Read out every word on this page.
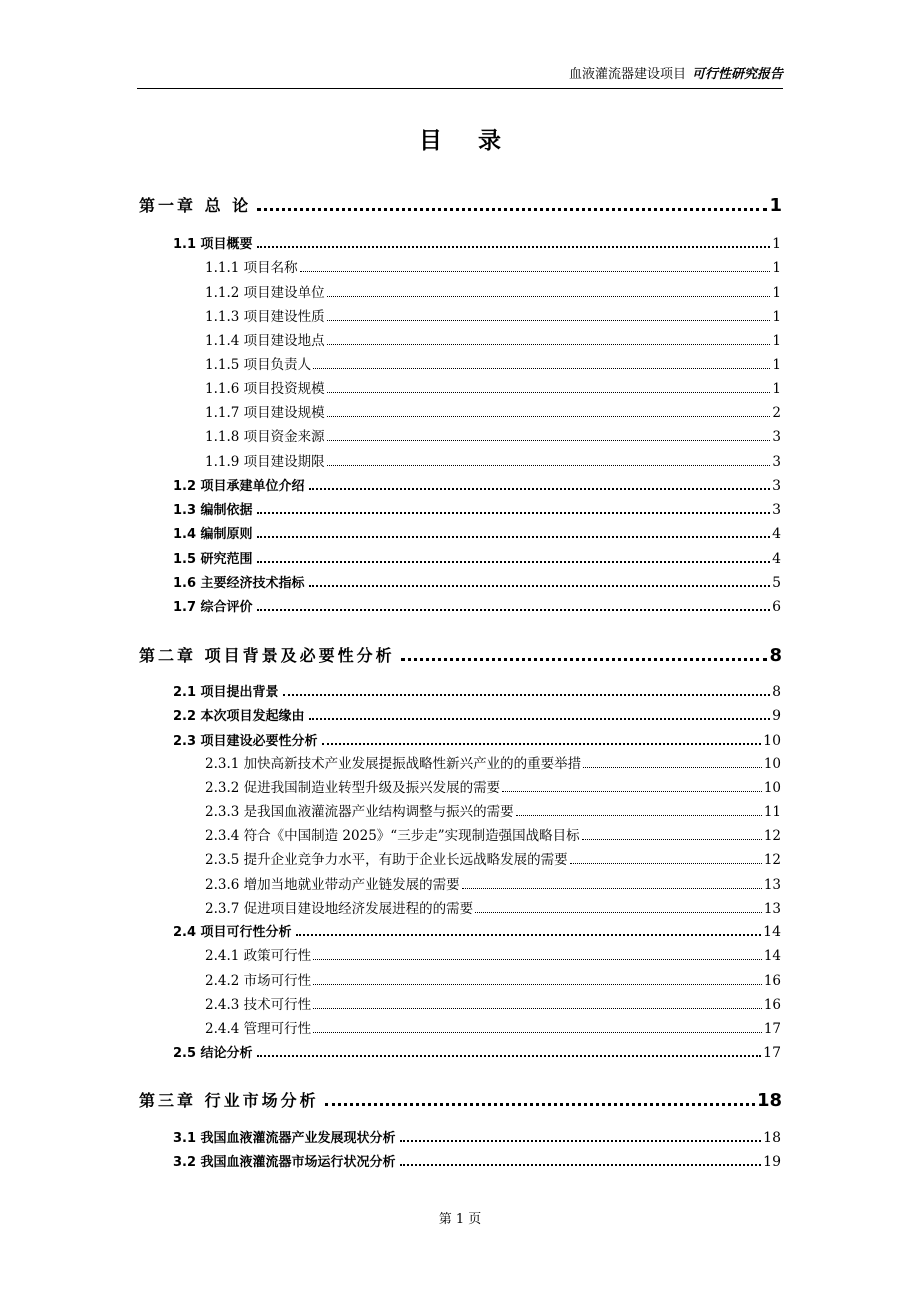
血液灌流器建设项目 可行性研究报告
目 录
第一章 总 论	1
1.1 项目概要	1
1.1.1 项目名称	1
1.1.2 项目建设单位	1
1.1.3 项目建设性质	1
1.1.4 项目建设地点	1
1.1.5 项目负责人	1
1.1.6 项目投资规模	1
1.1.7 项目建设规模	2
1.1.8 项目资金来源	3
1.1.9 项目建设期限	3
1.2 项目承建单位介绍	3
1.3 编制依据	3
1.4 编制原则	4
1.5 研究范围	4
1.6 主要经济技术指标	5
1.7 综合评价	6
第二章 项目背景及必要性分析	8
2.1 项目提出背景	8
2.2 本次项目发起缘由	9
2.3 项目建设必要性分析	10
2.3.1 加快高新技术产业发展提振战略性新兴产业的的重要举措	10
2.3.2 促进我国制造业转型升级及振兴发展的需要	10
2.3.3 是我国血液灌流器产业结构调整与振兴的需要	11
2.3.4 符合《中国制造 2025》“三步走”实现制造强国战略目标	12
2.3.5 提升企业竞争力水平，有助于企业长远战略发展的需要	12
2.3.6 增加当地就业带动产业链发展的需要	13
2.3.7 促进项目建设地经济发展进程的的需要	13
2.4 项目可行性分析	14
2.4.1 政策可行性	14
2.4.2 市场可行性	16
2.4.3 技术可行性	16
2.4.4 管理可行性	17
2.5 结论分析	17
第三章 行业市场分析	18
3.1 我国血液灌流器产业发展现状分析	18
3.2 我国血液灌流器市场运行状况分析	19
第 1 页
